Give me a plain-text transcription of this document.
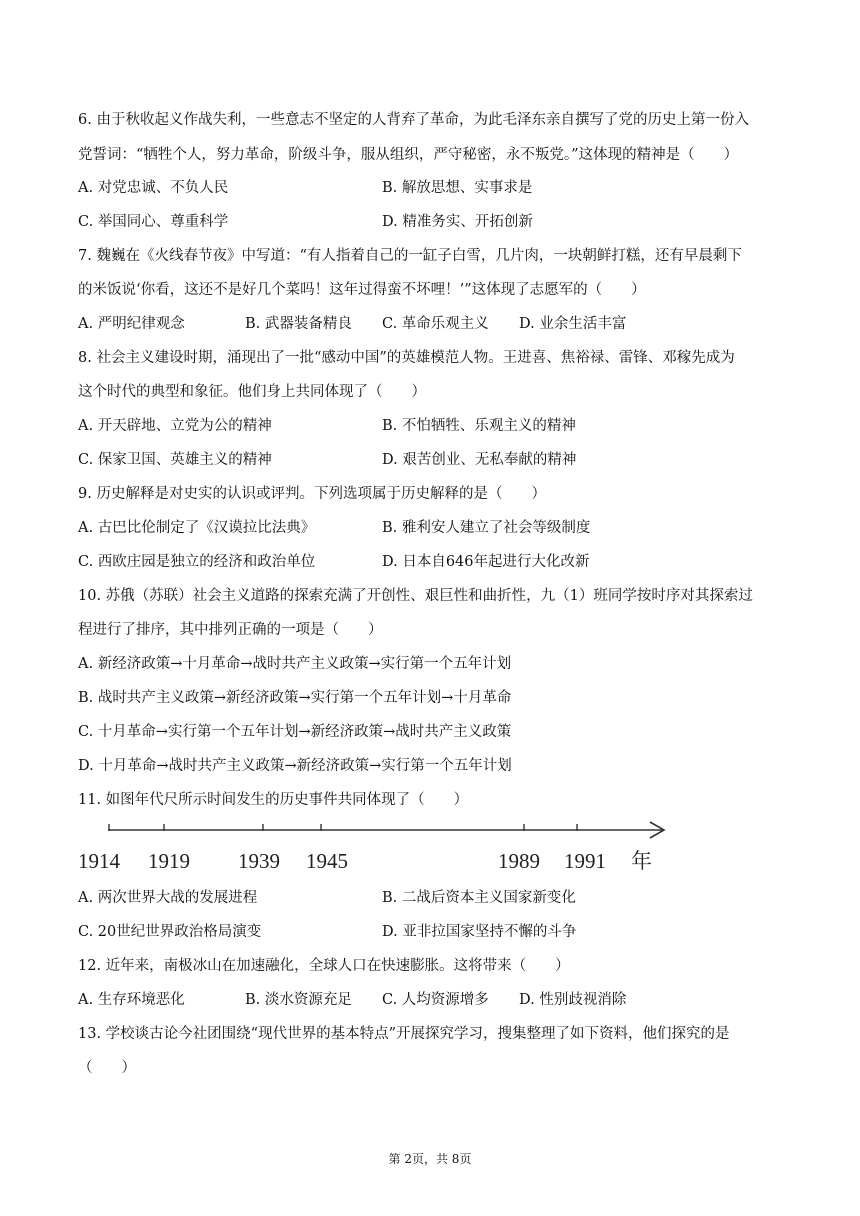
6. 由于秋收起义作战失利，一些意志不坚定的人背弃了革命，为此毛泽东亲自撰写了党的历史上第一份入
党誓词：“牺牲个人，努力革命，阶级斗争，服从组织，严守秘密，永不叛党。”这体现的精神是（　　）
A. 对党忠诚、不负人民	B. 解放思想、实事求是
C. 举国同心、尊重科学	D. 精准务实、开拓创新
7. 魏巍在《火线春节夜》中写道：“有人指着自己的一缸子白雪，几片肉，一块朝鲜打糕，还有早晨剩下
的米饭说‘你看，这还不是好几个菜吗！这年过得蛮不坏哩！’”这体现了志愿军的（　　）
A. 严明纪律观念	B. 武器装备精良 C. 革命乐观主义 D. 业余生活丰富
8. 社会主义建设时期，涌现出了一批“感动中国”的英雄模范人物。王进喜、焦裕禄、雷锋、邓稼先成为
这个时代的典型和象征。他们身上共同体现了（　　）
A. 开天辟地、立党为公的精神	B. 不怕牺牲、乐观主义的精神
C. 保家卫国、英雄主义的精神	D. 艰苦创业、无私奉献的精神
9. 历史解释是对史实的认识或评判。下列选项属于历史解释的是（　　）
A. 古巴比伦制定了《汉谟拉比法典》	B. 雅利安人建立了社会等级制度
C. 西欧庄园是独立的经济和政治单位	D. 日本自646年起进行大化改新
10. 苏俄（苏联）社会主义道路的探索充满了开创性、艰巨性和曲折性，九（1）班同学按时序对其探索过
程进行了排序，其中排列正确的一项是（　　）
A. 新经济政策→十月革命→战时共产主义政策→实行第一个五年计划
B. 战时共产主义政策→新经济政策→实行第一个五年计划→十月革命
C. 十月革命→实行第一个五年计划→新经济政策→战时共产主义政策
D. 十月革命→战时共产主义政策→新经济政策→实行第一个五年计划
11. 如图年代尺所示时间发生的历史事件共同体现了（　　）
1914 1919 1939 1945	1989 1991 年
A. 两次世界大战的发展进程	B. 二战后资本主义国家新变化
C. 20世纪世界政治格局演变	D. 亚非拉国家坚持不懈的斗争
12. 近年来，南极冰山在加速融化，全球人口在快速膨胀。这将带来（　　）
A. 生存环境恶化	B. 淡水资源充足 C. 人均资源增多 D. 性别歧视消除
13. 学校谈古论今社团围绕“现代世界的基本特点”开展探究学习，搜集整理了如下资料，他们探究的是
（　　）
第 2页，共 8页
